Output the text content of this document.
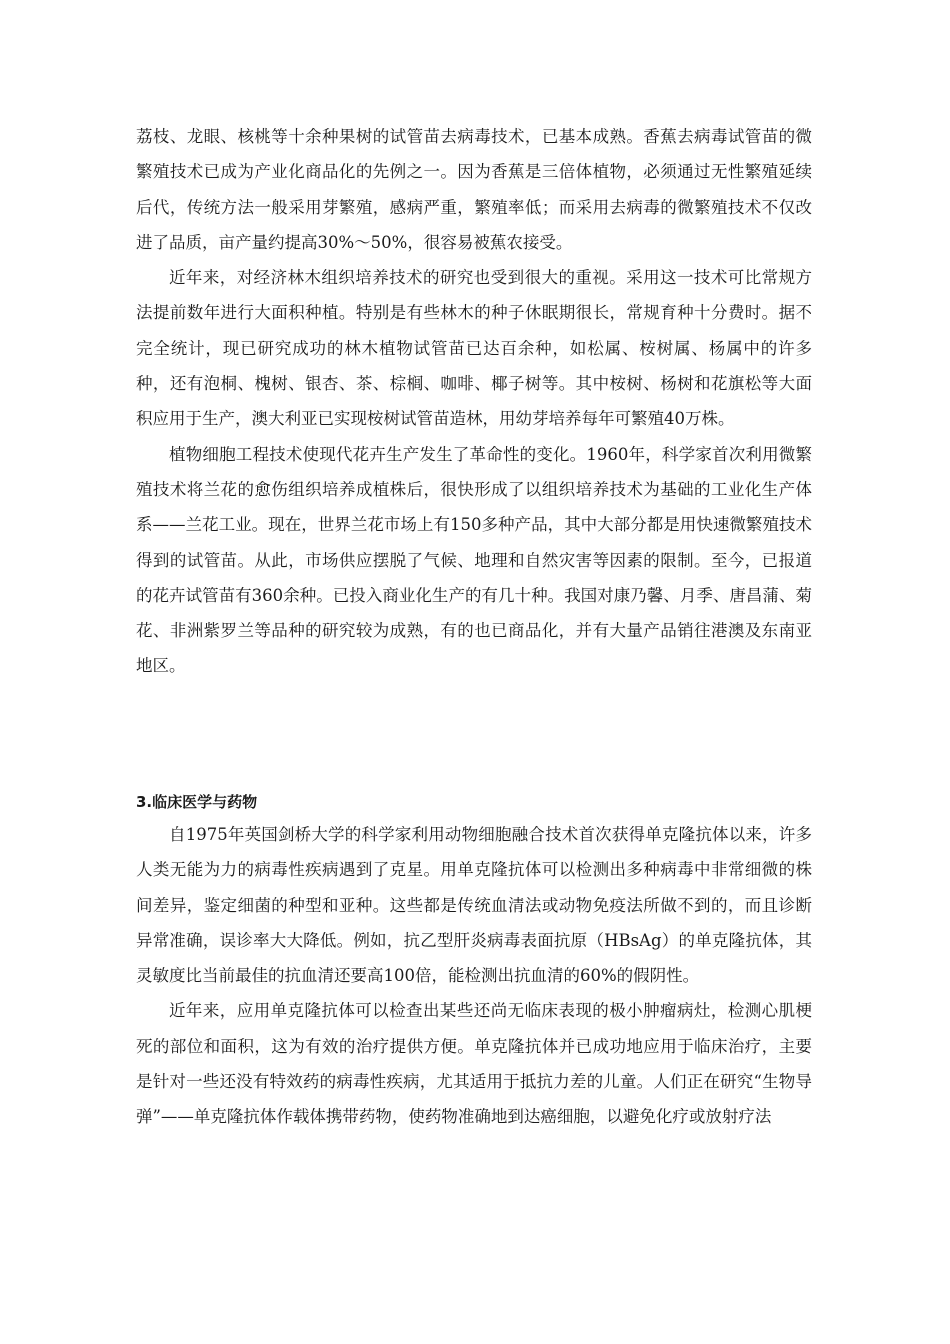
荔枝、龙眼、核桃等十余种果树的试管苗去病毒技术，已基本成熟。香蕉去病毒试管苗的微繁殖技术已成为产业化商品化的先例之一。因为香蕉是三倍体植物，必须通过无性繁殖延续后代，传统方法一般采用芽繁殖，感病严重，繁殖率低；而采用去病毒的微繁殖技术不仅改进了品质，亩产量约提高30%～50%，很容易被蕉农接受。

近年来，对经济林木组织培养技术的研究也受到很大的重视。采用这一技术可比常规方法提前数年进行大面积种植。特别是有些林木的种子休眠期很长，常规育种十分费时。据不完全统计，现已研究成功的林木植物试管苗已达百余种，如松属、桉树属、杨属中的许多种，还有泡桐、槐树、银杏、茶、棕榈、咖啡、椰子树等。其中桉树、杨树和花旗松等大面积应用于生产，澳大利亚已实现桉树试管苗造林，用幼芽培养每年可繁殖40万株。

植物细胞工程技术使现代花卉生产发生了革命性的变化。1960年，科学家首次利用微繁殖技术将兰花的愈伤组织培养成植株后，很快形成了以组织培养技术为基础的工业化生产体系——兰花工业。现在，世界兰花市场上有150多种产品，其中大部分都是用快速微繁殖技术得到的试管苗。从此，市场供应摆脱了气候、地理和自然灾害等因素的限制。至今，已报道的花卉试管苗有360余种。已投入商业化生产的有几十种。我国对康乃馨、月季、唐昌蒲、菊花、非洲紫罗兰等品种的研究较为成熟，有的也已商品化，并有大量产品销往港澳及东南亚地区。

3.临床医学与药物

自1975年英国剑桥大学的科学家利用动物细胞融合技术首次获得单克隆抗体以来，许多人类无能为力的病毒性疾病遇到了克星。用单克隆抗体可以检测出多种病毒中非常细微的株间差异，鉴定细菌的种型和亚种。这些都是传统血清法或动物免疫法所做不到的，而且诊断异常准确，误诊率大大降低。例如，抗乙型肝炎病毒表面抗原（HBsAg）的单克隆抗体，其灵敏度比当前最佳的抗血清还要高100倍，能检测出抗血清的60%的假阴性。

近年来，应用单克隆抗体可以检查出某些还尚无临床表现的极小肿瘤病灶，检测心肌梗死的部位和面积，这为有效的治疗提供方便。单克隆抗体并已成功地应用于临床治疗，主要是针对一些还没有特效药的病毒性疾病，尤其适用于抵抗力差的儿童。人们正在研究“生物导弹”——单克隆抗体作载体携带药物，使药物准确地到达癌细胞，以避免化疗或放射疗法
